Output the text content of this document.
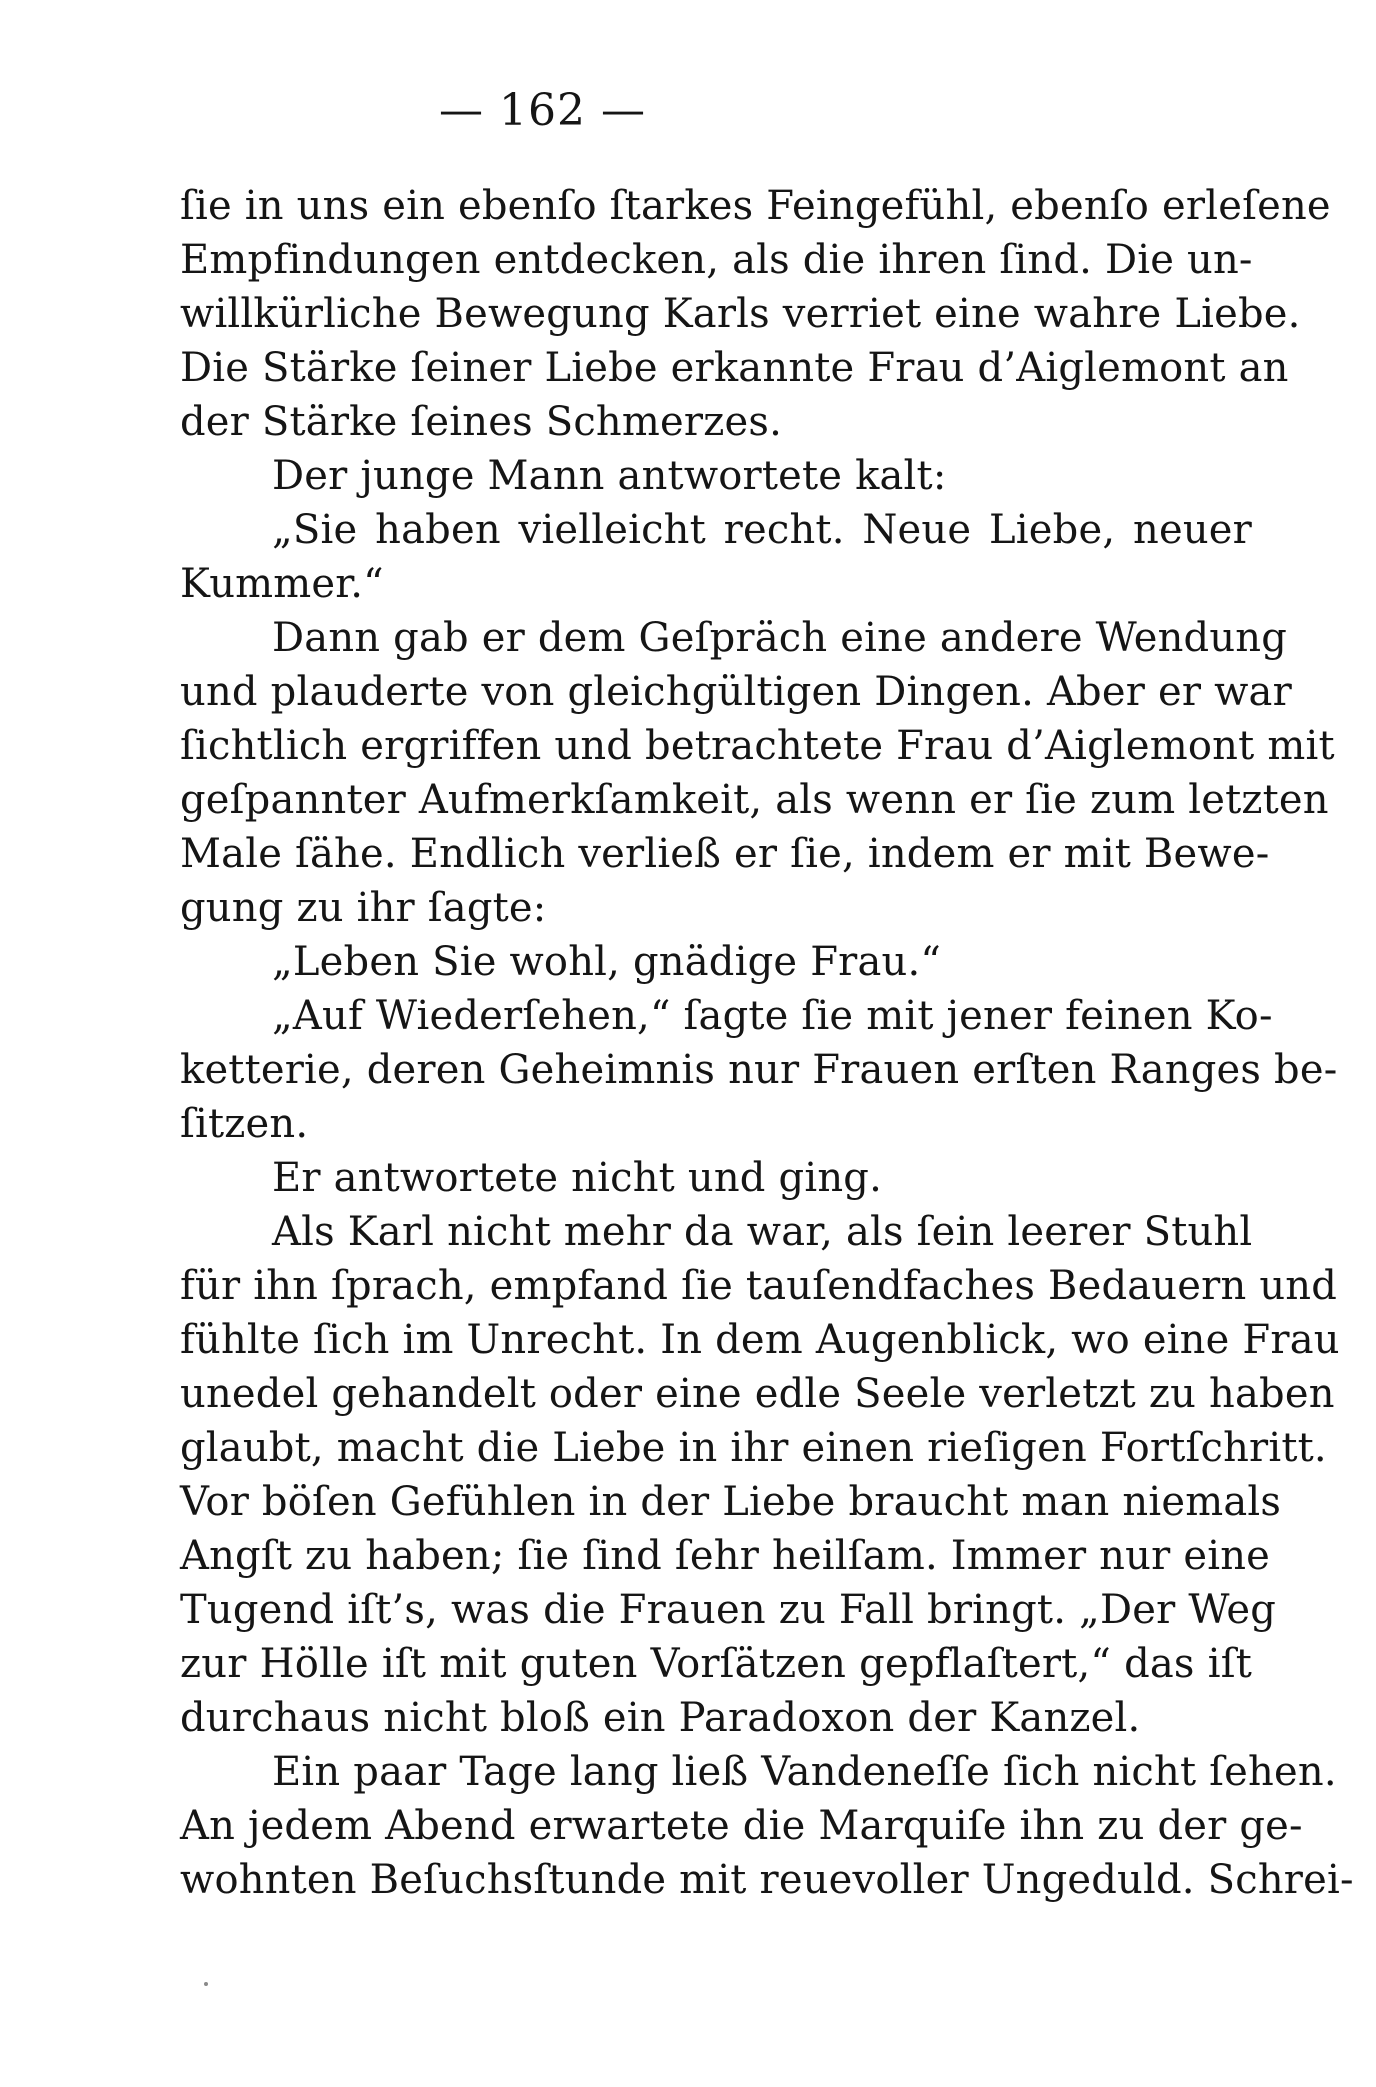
— 162 —
ſie in uns ein ebenſo ſtarkes Feingefühl, ebenſo erleſene
Empfindungen entdecken, als die ihren ſind. Die un-
willkürliche Bewegung Karls verriet eine wahre Liebe.
Die Stärke ſeiner Liebe erkannte Frau d’Aiglemont an
der Stärke ſeines Schmerzes.
Der junge Mann antwortete kalt:
„Sie haben vielleicht recht. Neue Liebe, neuer
Kummer.“
Dann gab er dem Geſpräch eine andere Wendung
und plauderte von gleichgültigen Dingen. Aber er war
ſichtlich ergriffen und betrachtete Frau d’Aiglemont mit
geſpannter Aufmerkſamkeit, als wenn er ſie zum letzten
Male ſähe. Endlich verließ er ſie, indem er mit Bewe-
gung zu ihr ſagte:
„Leben Sie wohl, gnädige Frau.“
„Auf Wiederſehen,“ ſagte ſie mit jener feinen Ko-
ketterie, deren Geheimnis nur Frauen erſten Ranges be-
ſitzen.
Er antwortete nicht und ging.
Als Karl nicht mehr da war, als ſein leerer Stuhl
für ihn ſprach, empfand ſie tauſendfaches Bedauern und
fühlte ſich im Unrecht. In dem Augenblick, wo eine Frau
unedel gehandelt oder eine edle Seele verletzt zu haben
glaubt, macht die Liebe in ihr einen rieſigen Fortſchritt.
Vor böſen Gefühlen in der Liebe braucht man niemals
Angſt zu haben; ſie ſind ſehr heilſam. Immer nur eine
Tugend iſt’s, was die Frauen zu Fall bringt. „Der Weg
zur Hölle iſt mit guten Vorſätzen gepflaſtert,“ das iſt
durchaus nicht bloß ein Paradoxon der Kanzel.
Ein paar Tage lang ließ Vandeneſſe ſich nicht ſehen.
An jedem Abend erwartete die Marquiſe ihn zu der ge-
wohnten Beſuchsſtunde mit reuevoller Ungeduld. Schrei-
